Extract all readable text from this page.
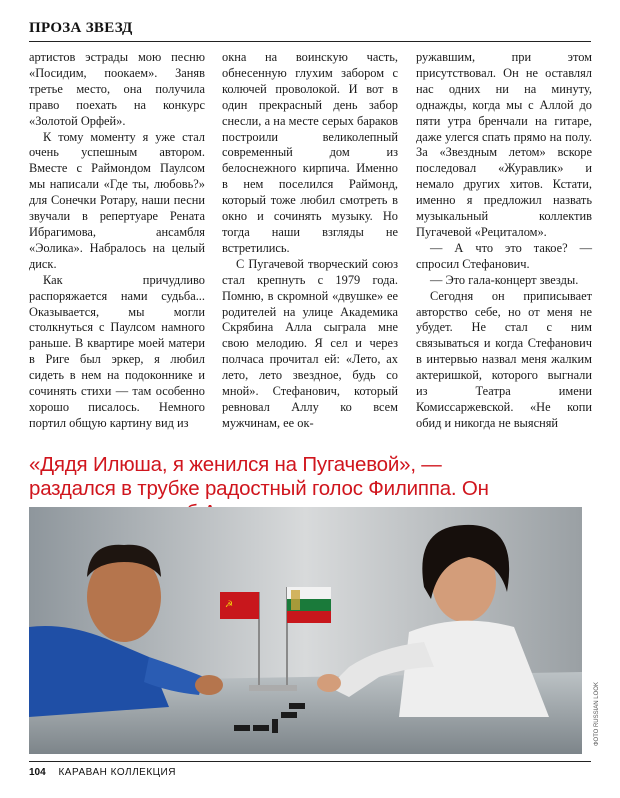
ПРОЗА ЗВЕЗД

артистов эстрады мою песню «Посидим, поокаем». Заняв третье место, она получила право поехать на конкурс «Золотой Орфей».

К тому моменту я уже стал очень успешным автором. Вместе с Раймондом Паулсом мы написали «Где ты, любовь?» для Сонечки Ротару, наши песни звучали в репертуаре Рената Ибрагимова, ансамбля «Эолика». Набралось на целый диск.

Как причудливо распоряжается нами судьба... Оказывается, мы могли столкнуться с Паулсом намного раньше. В квартире моей матери в Риге был эркер, я любил сидеть в нем на подоконнике и сочинять стихи — там особенно хорошо писалось. Немного портил общую картину вид из

окна на воинскую часть, обнесенную глухим забором с колючей проволокой. И вот в один прекрасный день забор снесли, а на месте серых бараков построили великолепный современный дом из белоснежного кирпича. Именно в нем поселился Раймонд, который тоже любил смотреть в окно и сочинять музыку. Но тогда наши взгляды не встретились.

С Пугачевой творческий союз стал крепнуть с 1979 года. Помню, в скромной «двушке» ее родителей на улице Академика Скрябина Алла сыграла мне свою мелодию. Я сел и через полчаса прочитал ей: «Лето, ах лето, лето звездное, будь со мной». Стефанович, который ревновал Аллу ко всем мужчинам, ее ок-

ружавшим, при этом присутствовал. Он не оставлял нас одних ни на минуту, однажды, когда мы с Аллой до пяти утра бренчали на гитаре, даже улегся спать прямо на полу. За «Звездным летом» вскоре последовал «Журавлик» и немало других хитов. Кстати, именно я предложил назвать музыкальный коллектив Пугачевой «Рециталом».

— А что это такое? — спросил Стефанович.

— Это гала-концерт звезды.

Сегодня он приписывает авторство себе, но от меня не убудет. Не стал с ним связываться и когда Стефанович в интервью назвал меня жалким актеришкой, которого выгнали из Театра имени Комиссаржевской. «Не копи обид и никогда не выясняй

«Дядя Илюша, я женился на Пугачевой», —
раздался в трубке радостный голос Филиппа. Он
☭
ФОТО RUSSIAN LOOK
104 КАРАВАН КОЛЛЕКЦИЯ
